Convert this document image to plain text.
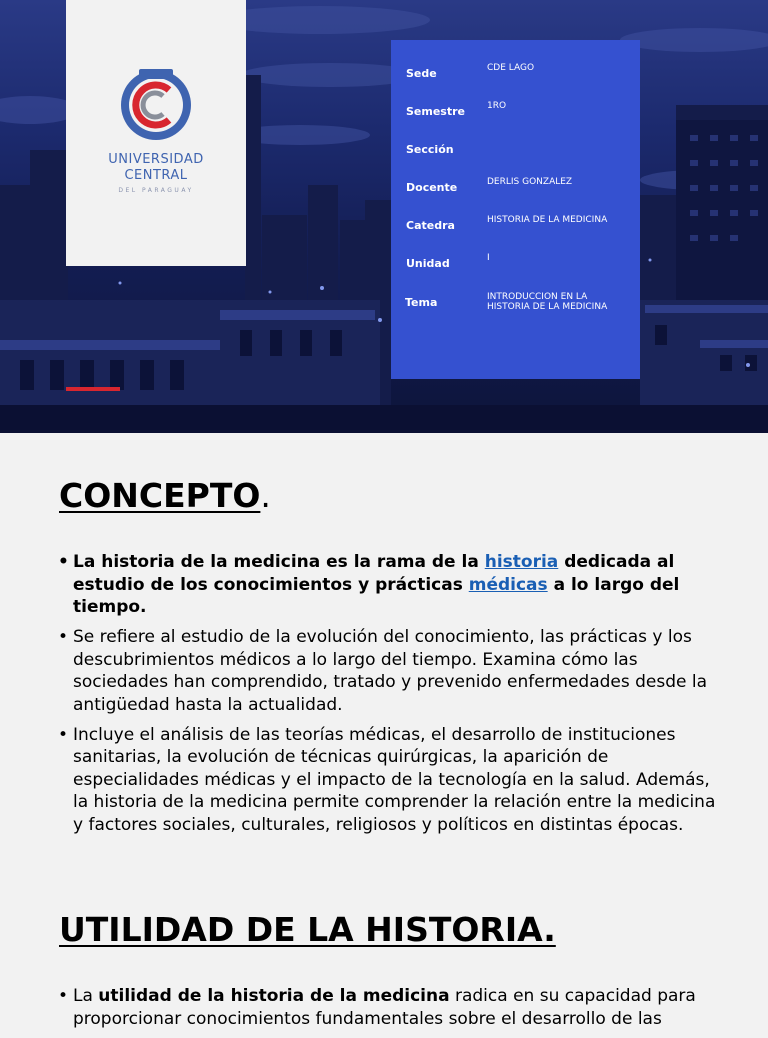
UNIVERSIDAD
CENTRAL
DEL PARAGUAY
Sede	CDE LAGO
Semestre 1RO
Sección
Docente	DERLIS GONZALEZ
Catedra	HISTORIA DE LA MEDICINA
Unidad	I
Tema	INTRODUCCION EN LA HISTORIA DE LA MEDICINA
CONCEPTO.
• La historia de la medicina es la rama de la historia dedicada al estudio de los conocimientos y prácticas médicas a lo largo del tiempo.
• Se refiere al estudio de la evolución del conocimiento, las prácticas y los descubrimientos médicos a lo largo del tiempo. Examina cómo las sociedades han comprendido, tratado y prevenido enfermedades desde la antigüedad hasta la actualidad.
• Incluye el análisis de las teorías médicas, el desarrollo de instituciones sanitarias, la evolución de técnicas quirúrgicas, la aparición de especialidades médicas y el impacto de la tecnología en la salud. Además, la historia de la medicina permite comprender la relación entre la medicina y factores sociales, culturales, religiosos y políticos en distintas épocas.
UTILIDAD DE LA HISTORIA.
• La utilidad de la historia de la medicina radica en su capacidad para proporcionar conocimientos fundamentales sobre el desarrollo de las
